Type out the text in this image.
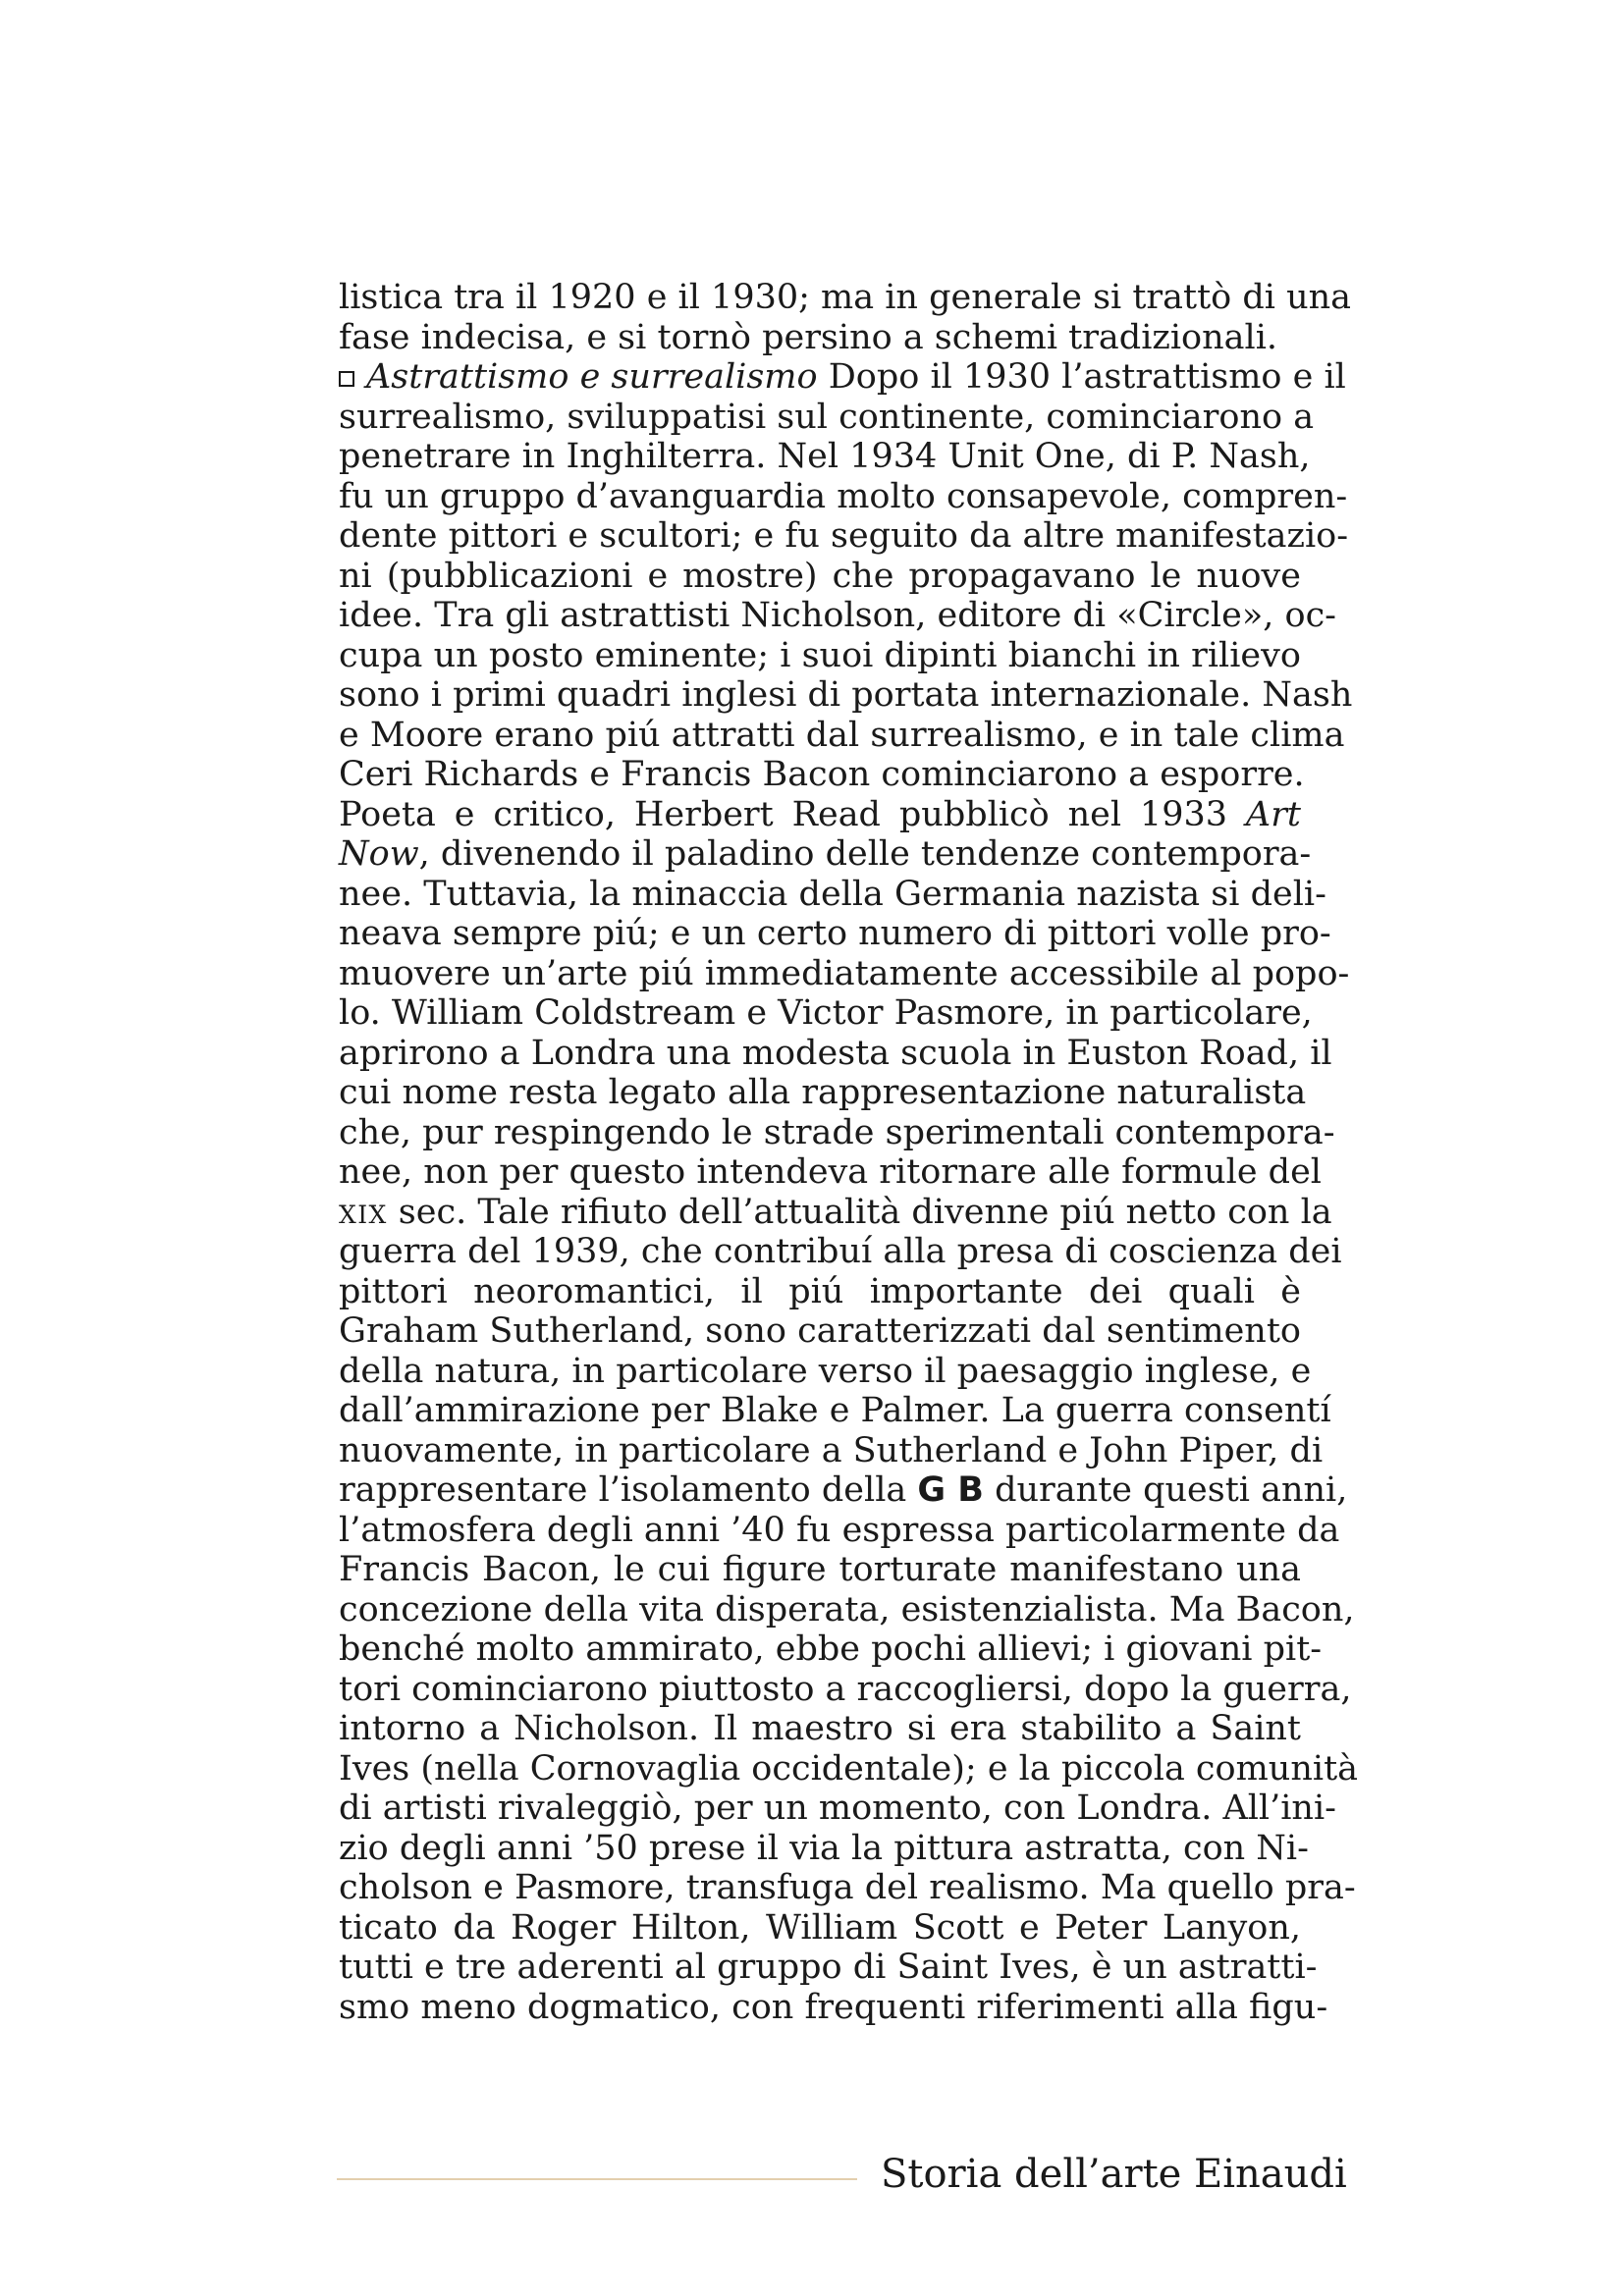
listica tra il 1920 e il 1930; ma in generale si trattò di una
fase indecisa, e si tornò persino a schemi tradizionali.
Astrattismo e surrealismo Dopo il 1930 l’astrattismo e il
surrealismo, sviluppatisi sul continente, cominciarono a
penetrare in Inghilterra. Nel 1934 Unit One, di P. Nash,
fu un gruppo d’avanguardia molto consapevole, compren-
dente pittori e scultori; e fu seguito da altre manifestazio-
ni (pubblicazioni e mostre) che propagavano le nuove
idee. Tra gli astrattisti Nicholson, editore di «Circle», oc-
cupa un posto eminente; i suoi dipinti bianchi in rilievo
sono i primi quadri inglesi di portata internazionale. Nash
e Moore erano piú attratti dal surrealismo, e in tale clima
Ceri Richards e Francis Bacon cominciarono a esporre.
Poeta e critico, Herbert Read pubblicò nel 1933 Art
Now, divenendo il paladino delle tendenze contempora-
nee. Tuttavia, la minaccia della Germania nazista si deli-
neava sempre piú; e un certo numero di pittori volle pro-
muovere un’arte piú immediatamente accessibile al popo-
lo. William Coldstream e Victor Pasmore, in particolare,
aprirono a Londra una modesta scuola in Euston Road, il
cui nome resta legato alla rappresentazione naturalista
che, pur respingendo le strade sperimentali contempora-
nee, non per questo intendeva ritornare alle formule del
xix sec. Tale rifiuto dell’attualità divenne piú netto con la
guerra del 1939, che contribuí alla presa di coscienza dei
pittori neoromantici, il piú importante dei quali è
Graham Sutherland, sono caratterizzati dal sentimento
della natura, in particolare verso il paesaggio inglese, e
dall’ammirazione per Blake e Palmer. La guerra consentí
nuovamente, in particolare a Sutherland e John Piper, di
rappresentare l’isolamento della G B durante questi anni,
l’atmosfera degli anni ’40 fu espressa particolarmente da
Francis Bacon, le cui figure torturate manifestano una
concezione della vita disperata, esistenzialista. Ma Bacon,
benché molto ammirato, ebbe pochi allievi; i giovani pit-
tori cominciarono piuttosto a raccogliersi, dopo la guerra,
intorno a Nicholson. Il maestro si era stabilito a Saint
Ives (nella Cornovaglia occidentale); e la piccola comunità
di artisti rivaleggiò, per un momento, con Londra. All’ini-
zio degli anni ’50 prese il via la pittura astratta, con Ni-
cholson e Pasmore, transfuga del realismo. Ma quello pra-
ticato da Roger Hilton, William Scott e Peter Lanyon,
tutti e tre aderenti al gruppo di Saint Ives, è un astratti-
smo meno dogmatico, con frequenti riferimenti alla figu-
Storia dell’arte Einaudi
